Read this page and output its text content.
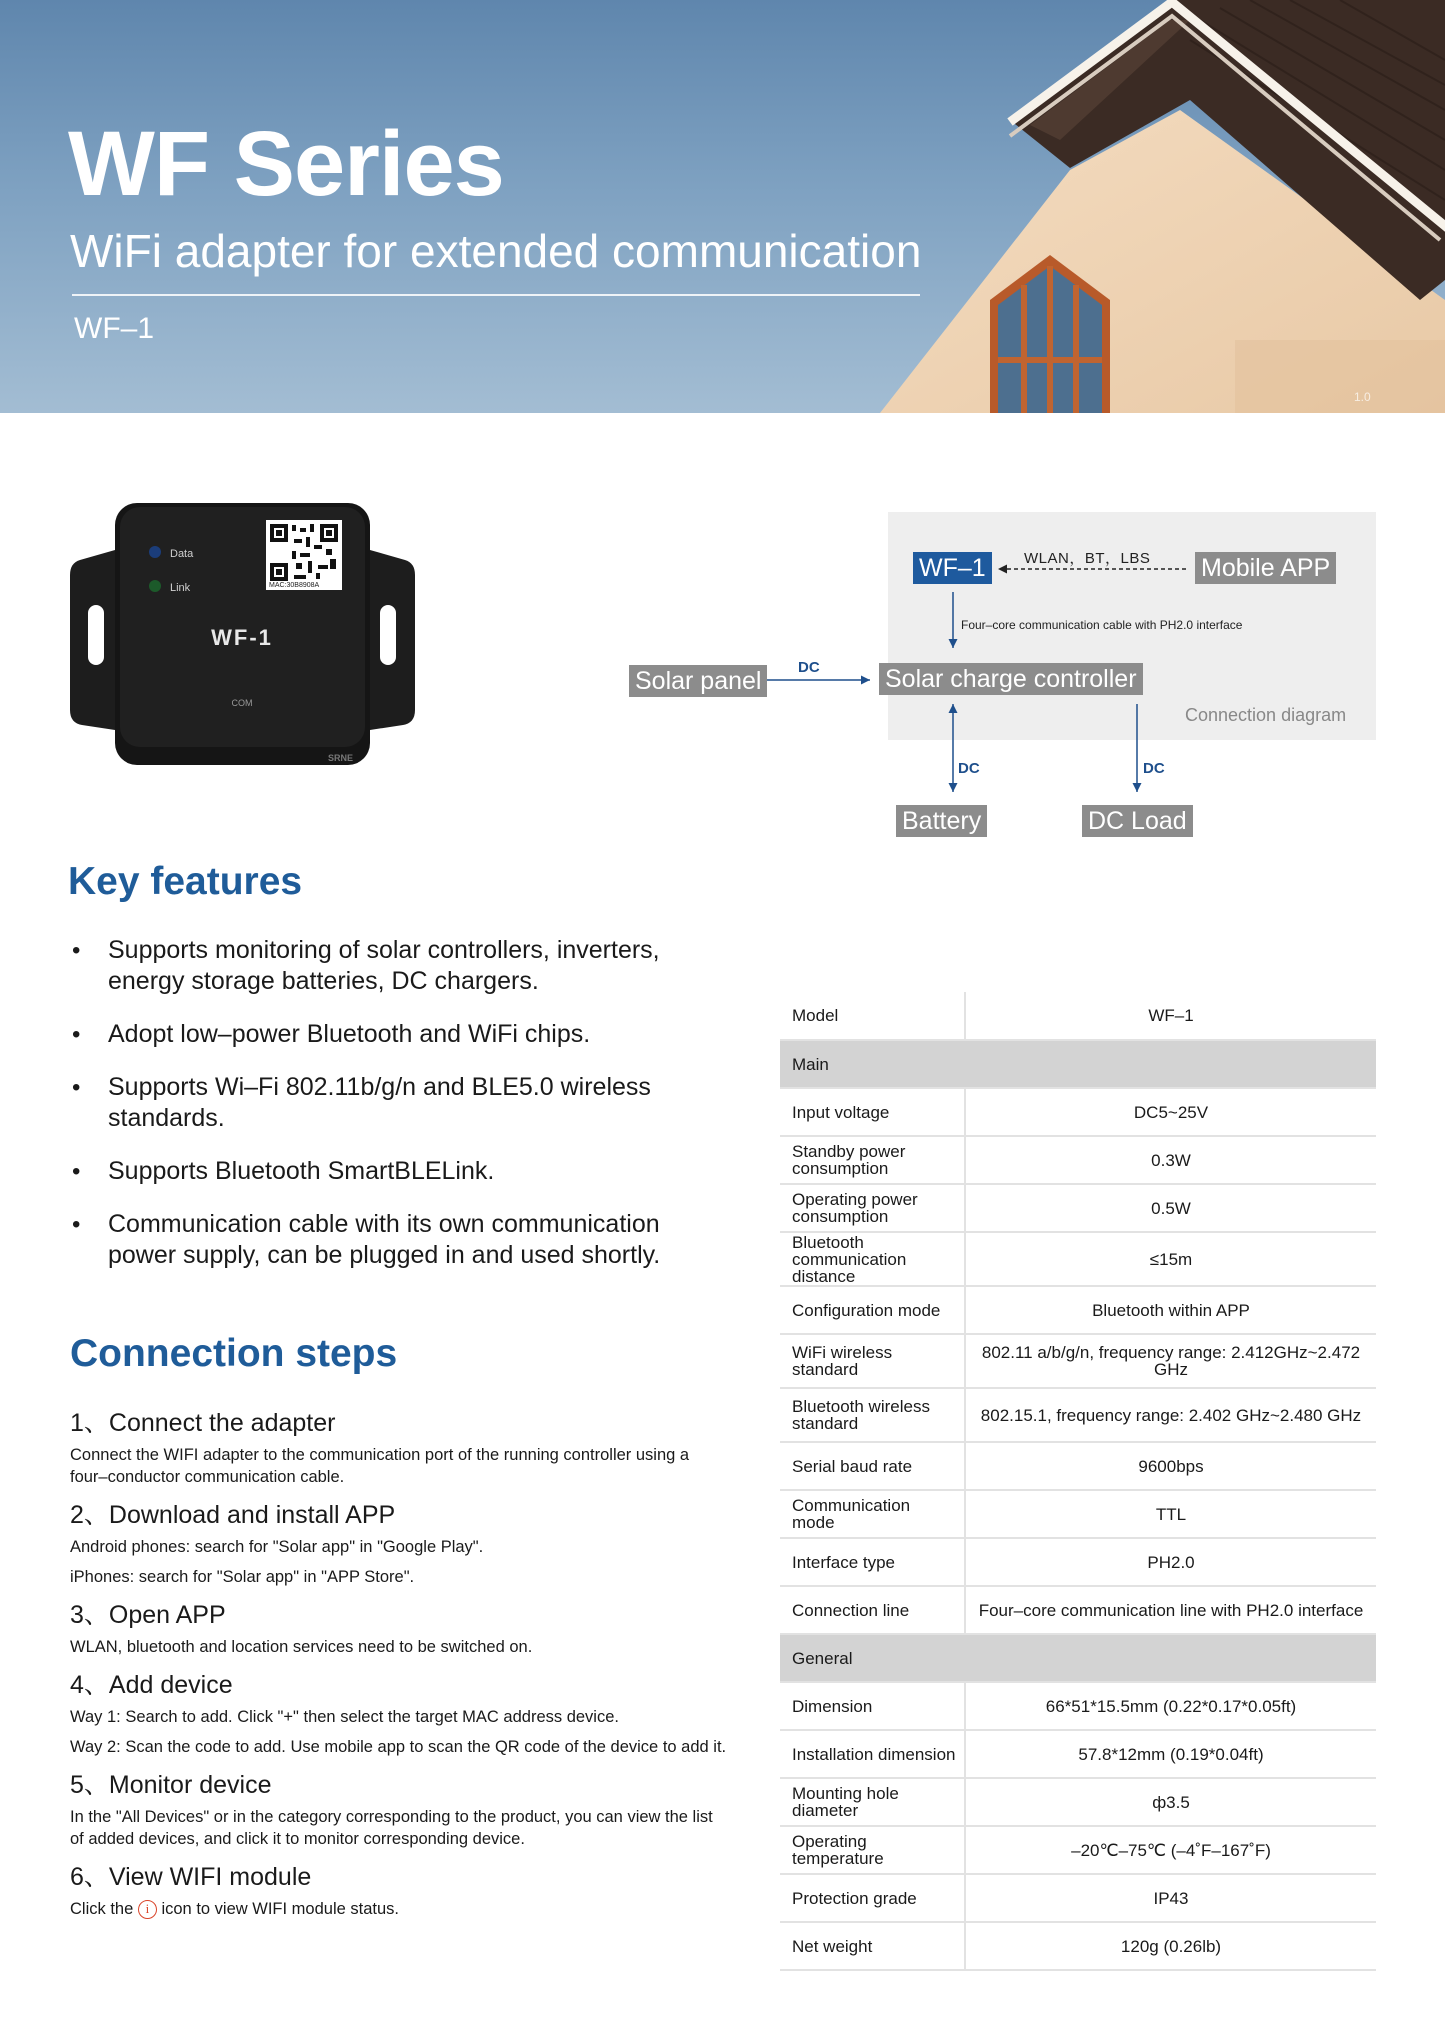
WF Series
WiFi adapter for extended communication
WF–1
1.0
Data
Link	MAC:30B8908A
WF-1
COM
SRNE
WF–1	WLAN，BT，LBS Mobile APP
Four–core communication cable with PH2.0 interface
Solar panel	DC	Solar charge controller
Connection diagram
DC	DC
Battery	DC Load
Key features
• Supports monitoring of solar controllers, inverters, energy storage batteries, DC chargers.
• Adopt low–power Bluetooth and WiFi chips.
• Supports Wi–Fi 802.11b/g/n and BLE5.0 wireless standards.
• Supports Bluetooth SmartBLELink.
• Communication cable with its own communication power supply, can be plugged in and used shortly.
Connection steps
1、Connect the adapter
Connect the WIFI adapter to the communication port of the running controller using a four–conductor communication cable.
2、Download and install APP
Android phones: search for "Solar app" in "Google Play".
iPhones: search for "Solar app" in "APP Store".
3、Open APP
WLAN, bluetooth and location services need to be switched on.
4、Add device
Way 1: Search to add. Click "+" then select the target MAC address device.
Way 2: Scan the code to add. Use mobile app to scan the QR code of the device to add it.
5、Monitor device
In the "All Devices" or in the category corresponding to the product, you can view the list of added devices, and click it to monitor corresponding device.
6、View WIFI module
Click the i icon to view WIFI module status.
Model	WF–1
Main	
Input voltage	DC5~25V
Standby power consumption	0.3W
Operating power consumption	0.5W
Bluetooth communication distance	≤15m
Configuration mode	Bluetooth within APP
WiFi wireless standard	802.11 a/b/g/n, frequency range: 2.412GHz~2.472 GHz
Bluetooth wireless standard	802.15.1, frequency range: 2.402 GHz~2.480 GHz
Serial baud rate	9600bps
Communication mode	TTL
Interface type	PH2.0
Connection line	Four–core communication line with PH2.0 interface
General	
Dimension	66*51*15.5mm (0.22*0.17*0.05ft)
Installation dimension	57.8*12mm (0.19*0.04ft)
Mounting hole diameter	ф3.5
Operating temperature	–20℃–75℃ (–4˚F–167˚F)
Protection grade	IP43
Net weight	120g (0.26lb)
